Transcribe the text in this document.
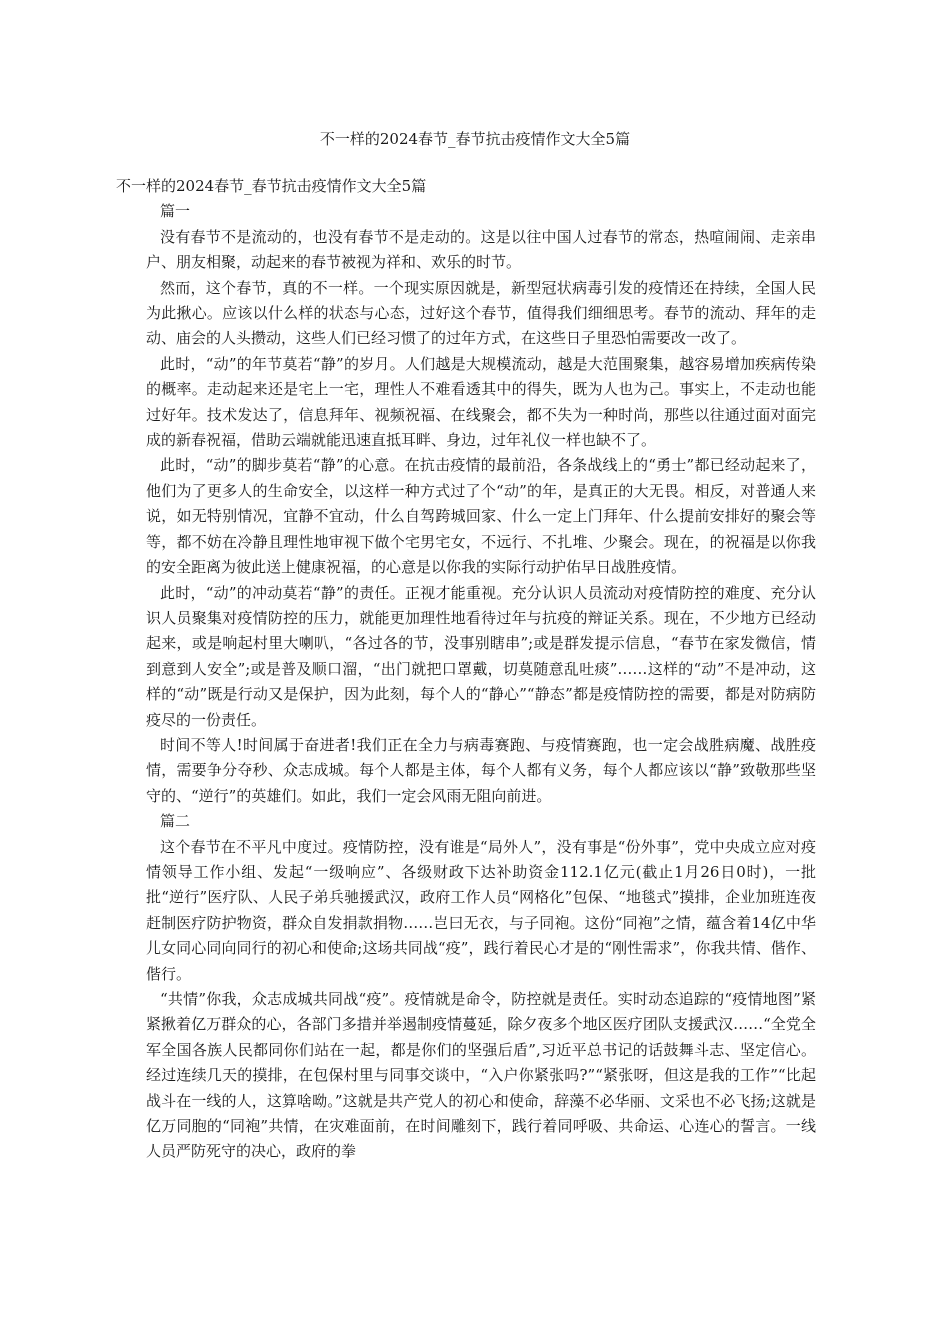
不一样的2024春节_春节抗击疫情作文大全5篇

不一样的2024春节_春节抗击疫情作文大全5篇

篇一

没有春节不是流动的，也没有春节不是走动的。这是以往中国人过春节的常态，热喧闹闹、走亲串户、朋友相聚，动起来的春节被视为祥和、欢乐的时节。

然而，这个春节，真的不一样。一个现实原因就是，新型冠状病毒引发的疫情还在持续，全国人民为此揪心。应该以什么样的状态与心态，过好这个春节，值得我们细细思考。春节的流动、拜年的走动、庙会的人头攒动，这些人们已经习惯了的过年方式，在这些日子里恐怕需要改一改了。

此时，“动”的年节莫若“静”的岁月。人们越是大规模流动，越是大范围聚集，越容易增加疾病传染的概率。走动起来还是宅上一宅，理性人不难看透其中的得失，既为人也为己。事实上，不走动也能过好年。技术发达了，信息拜年、视频祝福、在线聚会，都不失为一种时尚，那些以往通过面对面完成的新春祝福，借助云端就能迅速直抵耳畔、身边，过年礼仪一样也缺不了。

此时，“动”的脚步莫若“静”的心意。在抗击疫情的最前沿，各条战线上的“勇士”都已经动起来了，他们为了更多人的生命安全，以这样一种方式过了个“动”的年，是真正的大无畏。相反，对普通人来说，如无特别情况，宜静不宜动，什么自驾跨城回家、什么一定上门拜年、什么提前安排好的聚会等等，都不妨在冷静且理性地审视下做个宅男宅女，不远行、不扎堆、少聚会。现在，的祝福是以你我的安全距离为彼此送上健康祝福，的心意是以你我的实际行动护佑早日战胜疫情。

此时，“动”的冲动莫若“静”的责任。正视才能重视。充分认识人员流动对疫情防控的难度、充分认识人员聚集对疫情防控的压力，就能更加理性地看待过年与抗疫的辩证关系。现在，不少地方已经动起来，或是响起村里大喇叭，“各过各的节，没事别瞎串”;或是群发提示信息，“春节在家发微信，情到意到人安全”;或是普及顺口溜，“出门就把口罩戴，切莫随意乱吐痰”……这样的“动”不是冲动，这样的“动”既是行动又是保护，因为此刻，每个人的“静心”“静态”都是疫情防控的需要，都是对防病防疫尽的一份责任。

时间不等人!时间属于奋进者!我们正在全力与病毒赛跑、与疫情赛跑，也一定会战胜病魔、战胜疫情，需要争分夺秒、众志成城。每个人都是主体，每个人都有义务，每个人都应该以“静”致敬那些坚守的、“逆行”的英雄们。如此，我们一定会风雨无阻向前进。

篇二

这个春节在不平凡中度过。疫情防控，没有谁是“局外人”，没有事是“份外事”，党中央成立应对疫情领导工作小组、发起“一级响应”、各级财政下达补助资金112.1亿元(截止1月26日0时)，一批批“逆行”医疗队、人民子弟兵驰援武汉，政府工作人员“网格化”包保、“地毯式”摸排，企业加班连夜赶制医疗防护物资，群众自发捐款捐物……岂曰无衣，与子同袍。这份“同袍”之情，蕴含着14亿中华儿女同心同向同行的初心和使命;这场共同战“疫”，践行着民心才是的“刚性需求”，你我共情、偕作、偕行。

“共情”你我，众志成城共同战“疫”。疫情就是命令，防控就是责任。实时动态追踪的“疫情地图”紧紧揪着亿万群众的心，各部门多措并举遏制疫情蔓延，除夕夜多个地区医疗团队支援武汉……“全党全军全国各族人民都同你们站在一起，都是你们的坚强后盾”,习近平总书记的话鼓舞斗志、坚定信心。经过连续几天的摸排，在包保村里与同事交谈中，“入户你紧张吗?”“紧张呀，但这是我的工作”“比起战斗在一线的人，这算啥呦。”这就是共产党人的初心和使命，辞藻不必华丽、文采也不必飞扬;这就是亿万同胞的“同袍”共情，在灾难面前，在时间雕刻下，践行着同呼吸、共命运、心连心的誓言。一线人员严防死守的决心，政府的拳
